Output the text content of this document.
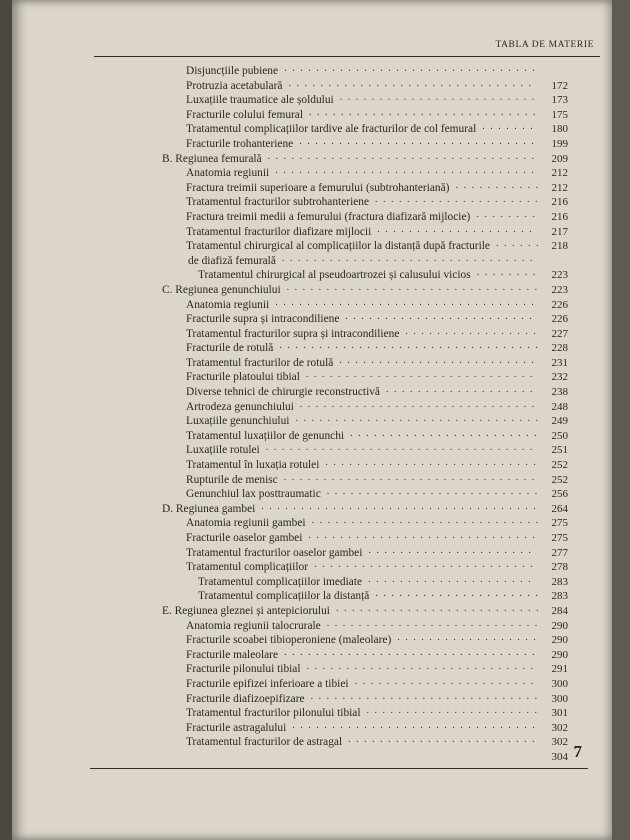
TABLA DE MATERIE
Disjuncțiile pubiene ................................
Protruzia acetabulară ...............................	172
Luxațiile traumatice ale șoldului .........................	173
Fracturile colului femural ............................. 175
Tratamentul complicațiilor tardive ale fracturilor de col femural .......	180
Fracturile trohanteriene ..............................	199
B. Regiunea femurală ..................................	209
Anatomia regiunii .................................	212
Fractura treimii superioare a femurului (subtrohanteriană) ........... 212
Tratamentul fracturilor subtrohanteriene ..................... 216
Fractura treimii medii a femurului (fractura diafizară mijlocie) ........	216
Tratamentul fracturilor diafizare mijlocii ....................	217
Tratamentul chirurgical al complicațiilor la distanță după fracturile ...... 218
de diafiză femurală ................................
Tratamentul chirurgical al pseudoartrozei și calusului vicios ........ 223
C. Regiunea genunchiului ................................ 223
Anatomia regiunii .................................	226
Fracturile supra și intracondiliene ........................	226
Tratamentul fracturilor supra și intracondiliene ................. 227
Fracturile de rotulă ................................. 228
Tratamentul fracturilor de rotulă .........................	231
Fracturile platoului tibial .............................	232
Diverse tehnici de chirurgie reconstructivă ...................	238
Artrodeza genunchiului ..............................	248
Luxațiile genunchiului ............................... 249
Tratamentul luxațiilor de genunchi ........................ 250
Luxațiile rotulei ..................................	251
Tratamentul în luxația rotulei ........................... 252
Rupturile de menisc ................................	252
Genunchiul lax posttraumatic ........................... 256
D. Regiunea gambei ................................... 264
Anatomia regiunii gambei ............................. 275
Fracturile oaselor gambei .............................	275
Tratamentul fracturilor oaselor gambei .....................	277
Tratamentul complicațiilor ............................	278
Tratamentul complicațiilor imediate .....................	283
Tratamentul complicațiilor la distanță ..................... 283
E. Regiunea gleznei și antepiciorului .......................... 284
Anatomia regiunii talocrurale ........................... 290
Fracturile scoabei tibioperoniene (maleolare) .................. 290
Fracturile maleolare ................................	290
Fracturile pilonului tibial .............................	291
Fracturile epifizei inferioare a tibiei .......................	300
Fracturile diafizoepifizare ............................. 300
Tratamentul fracturilor pilonului tibial ...................... 301
Fracturile astragalului ...............................	302
Tratamentul fracturilor de astragal ........................	302
304 7
